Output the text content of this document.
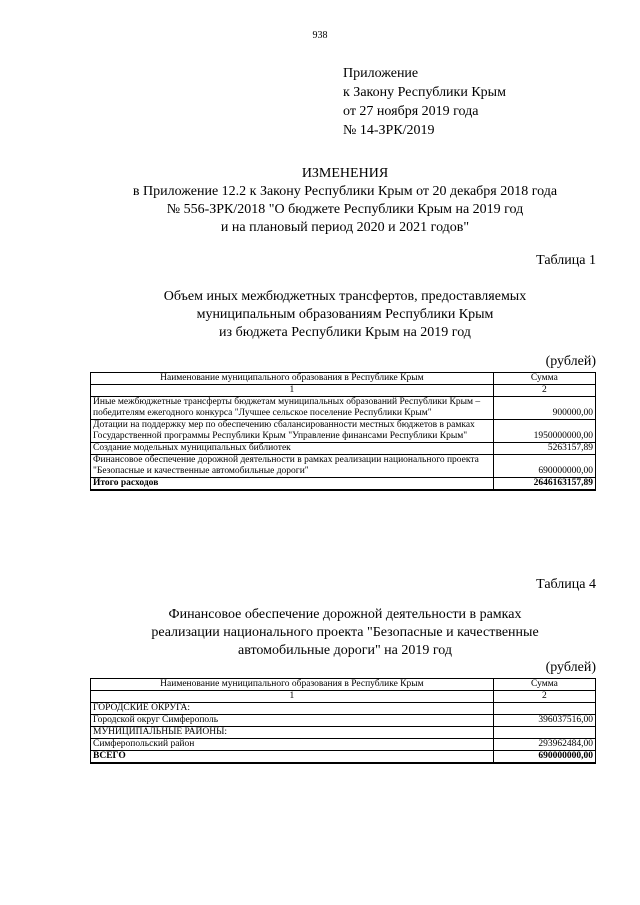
938
Приложение
к Закону Республики Крым
от 27 ноября 2019 года
№ 14-ЗРК/2019
ИЗМЕНЕНИЯ
в Приложение 12.2 к Закону Республики Крым от 20 декабря 2018 года
№ 556-ЗРК/2018 "О бюджете Республики Крым на 2019 год
и на плановый период 2020 и 2021 годов"
Таблица 1
Объем иных межбюджетных трансфертов, предоставляемых
муниципальным образованиям Республики Крым
из бюджета Республики Крым на 2019 год
(рублей)
Наименование муниципального образования в Республике Крым	Сумма
1	2
Иные межбюджетные трансферты бюджетам муниципальных образований Республики Крым – победителям ежегодного конкурса "Лучшее сельское поселение Республики Крым"	900000,00
Дотации на поддержку мер по обеспечению сбалансированности местных бюджетов в рамках Государственной программы Республики Крым "Управление финансами Республики Крым"	1950000000,00
Создание модельных муниципальных библиотек	5263157,89
Финансовое обеспечение дорожной деятельности в рамках реализации национального проекта "Безопасные и качественные автомобильные дороги"	690000000,00
Итого расходов	2646163157,89
Таблица 4
Финансовое обеспечение дорожной деятельности в рамках
реализации национального проекта "Безопасные и качественные
автомобильные дороги" на 2019 год
(рублей)
Наименование муниципального образования в Республике Крым	Сумма
1	2
ГОРОДСКИЕ ОКРУГА:	
Городской округ Симферополь	396037516,00
МУНИЦИПАЛЬНЫЕ РАЙОНЫ:	
Симферопольский район	293962484,00
ВСЕГО	690000000,00
